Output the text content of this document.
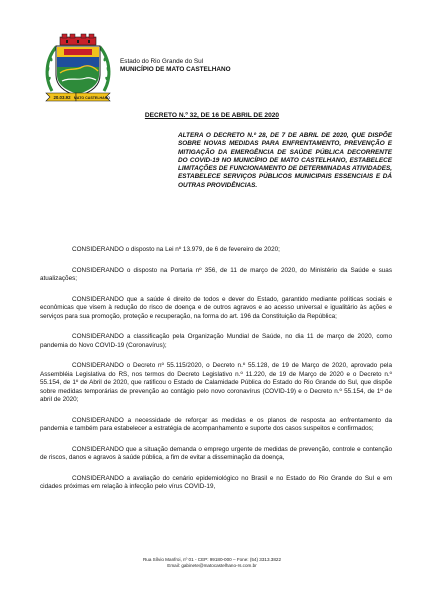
20.03.92 MATO CASTELHANO
Estado do Rio Grande do Sul
MUNICÍPIO DE MATO CASTELHANO
DECRETO N.º 32, DE 16 DE ABRIL DE 2020
ALTERA O DECRETO N.º 28, DE 7 DE ABRIL DE 2020, QUE DISPÕE SOBRE NOVAS MEDIDAS PARA ENFRENTAMENTO, PREVENÇÃO E MITIGAÇÃO DA EMERGÊNCIA DE SAÚDE PÚBLICA DECORRENTE DO COVID-19 NO MUNICÍPIO DE MATO CASTELHANO, ESTABELECE LIMITAÇÕES DE FUNCIONAMENTO DE DETERMINADAS ATIVIDADES, ESTABELECE SERVIÇOS PÚBLICOS MUNICIPAIS ESSENCIAIS E DÁ OUTRAS PROVIDÊNCIAS.

CONSIDERANDO o disposto na Lei nº 13.979, de 6 de fevereiro de 2020;

CONSIDERANDO o disposto na Portaria nº 356, de 11 de março de 2020, do Ministério da Saúde e suas atualizações;

CONSIDERANDO que a saúde é direito de todos e dever do Estado, garantido mediante políticas sociais e econômicas que visem à redução do risco de doença e de outros agravos e ao acesso universal e igualitário às ações e serviços para sua promoção, proteção e recuperação, na forma do art. 196 da Constituição da República;

CONSIDERANDO a classificação pela Organização Mundial de Saúde, no dia 11 de março de 2020, como pandemia do Novo COVID-19 (Coronavírus);

CONSIDERANDO o Decreto nº 55.115/2020, o Decreto n.º 55.128, de 19 de Março de 2020, aprovado pela Assembléia Legislativa do RS, nos termos do Decreto Legislativo n.º 11.220, de 19 de Março de 2020 e o Decreto n.º 55.154, de 1º de Abril de 2020, que ratificou o Estado de Calamidade Pública do Estado do Rio Grande do Sul, que dispõe sobre medidas temporárias de prevenção ao contágio pelo novo coronavírus (COVID-19) e o Decreto n.º 55.154, de 1º de abril de 2020;

CONSIDERANDO a necessidade de reforçar as medidas e os planos de resposta ao enfrentamento da pandemia e também para estabelecer a estratégia de acompanhamento e suporte dos casos suspeitos e confirmados;

CONSIDERANDO que a situação demanda o emprego urgente de medidas de prevenção, controle e contenção de riscos, danos e agravos à saúde pública, a fim de evitar a disseminação da doença,

CONSIDERANDO a avaliação do cenário epidemiológico no Brasil e no Estado do Rio Grande do Sul e em cidades próximas em relação à infecção pelo vírus COVID-19,

Rua Sílvio Manfroi, nº 01 - CEP: 99180-000 – Fone: (54) 3313.3822
Email: gabinete@matocastelhano-rs.com.br
